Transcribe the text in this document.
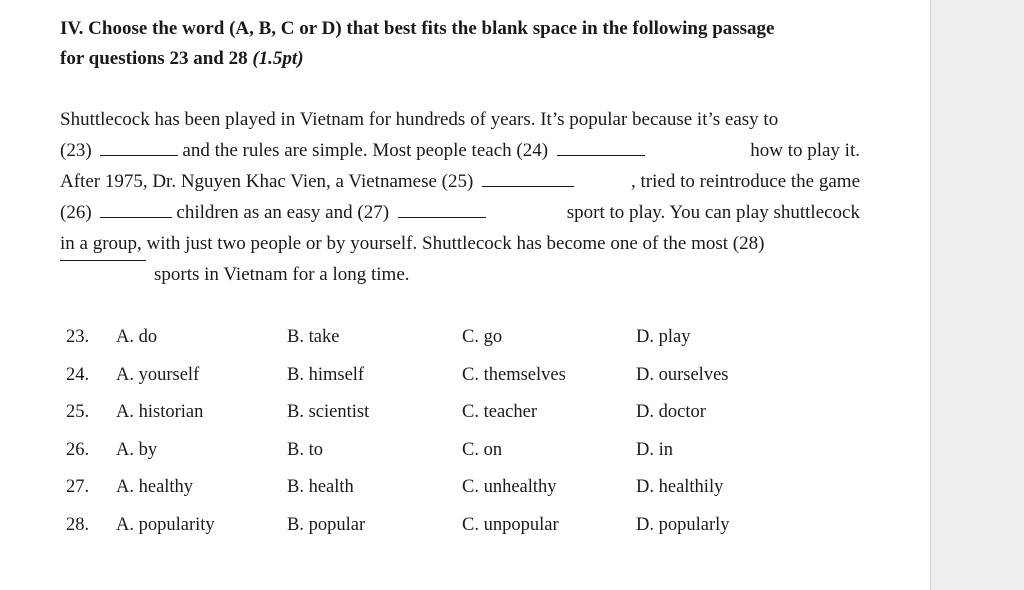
IV. Choose the word (A, B, C or D) that best fits the blank space in the following passage
for questions 23 and 28 (1.5pt)
Shuttlecock has been played in Vietnam for hundreds of years. It’s popular because it’s easy to
(23)	and the rules are simple. Most people teach (24)	how to play it.
After 1975, Dr. Nguyen Khac Vien, a Vietnamese (25)	, tried to reintroduce the game
(26)	children as an easy and (27)	sport to play. You can play shuttlecock
in a group, with just two people or by yourself. Shuttlecock has become one of the most (28)
sports in Vietnam for a long time.
23. A. do	B. take	C. go	D. play
24. A. yourself	B. himself	C. themselves	D. ourselves
25. A. historian	B. scientist	C. teacher	D. doctor
26. A. by	B. to	C. on	D. in
27. A. healthy	B. health	C. unhealthy	D. healthily
28. A. popularity	B. popular	C. unpopular	D. popularly
